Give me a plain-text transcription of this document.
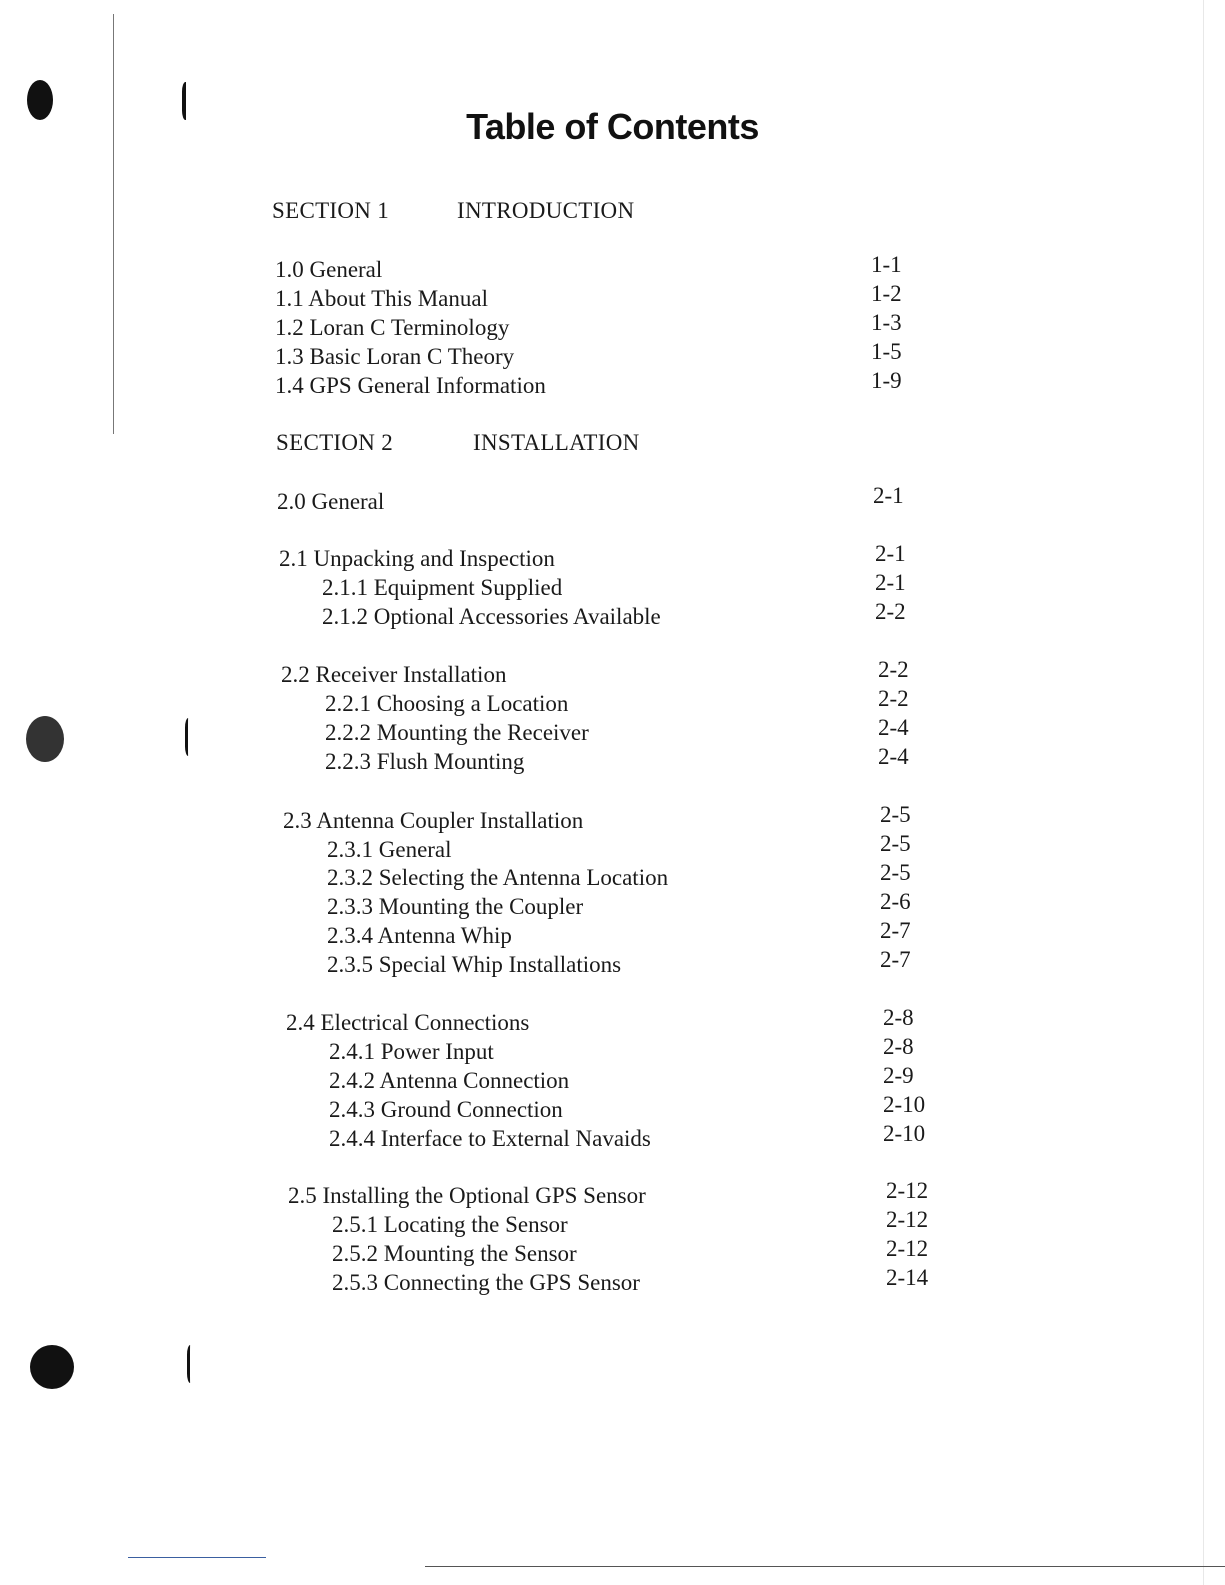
Table of Contents
SECTION 1	INTRODUCTION
1.0 General	1-1
1.1 About This Manual	1-2
1.2 Loran C Terminology	1-3
1.3 Basic Loran C Theory	1-5
1.4 GPS General Information	1-9
SECTION 2	INSTALLATION
2.0 General	2-1
2.1 Unpacking and Inspection	2-1
2.1.1 Equipment Supplied	2-1
2.1.2 Optional Accessories Available	2-2
2.2 Receiver Installation	2-2
2.2.1 Choosing a Location	2-2
2.2.2 Mounting the Receiver	2-4
2.2.3 Flush Mounting	2-4
2.3 Antenna Coupler Installation	2-5
2.3.1 General	2-5
2.3.2 Selecting the Antenna Location	2-5
2.3.3 Mounting the Coupler	2-6
2.3.4 Antenna Whip	2-7
2.3.5 Special Whip Installations	2-7
2.4 Electrical Connections	2-8
2.4.1 Power Input	2-8
2.4.2 Antenna Connection	2-9
2.4.3 Ground Connection	2-10
2.4.4 Interface to External Navaids	2-10
2.5 Installing the Optional GPS Sensor	2-12
2.5.1 Locating the Sensor	2-12
2.5.2 Mounting the Sensor	2-12
2.5.3 Connecting the GPS Sensor	2-14
